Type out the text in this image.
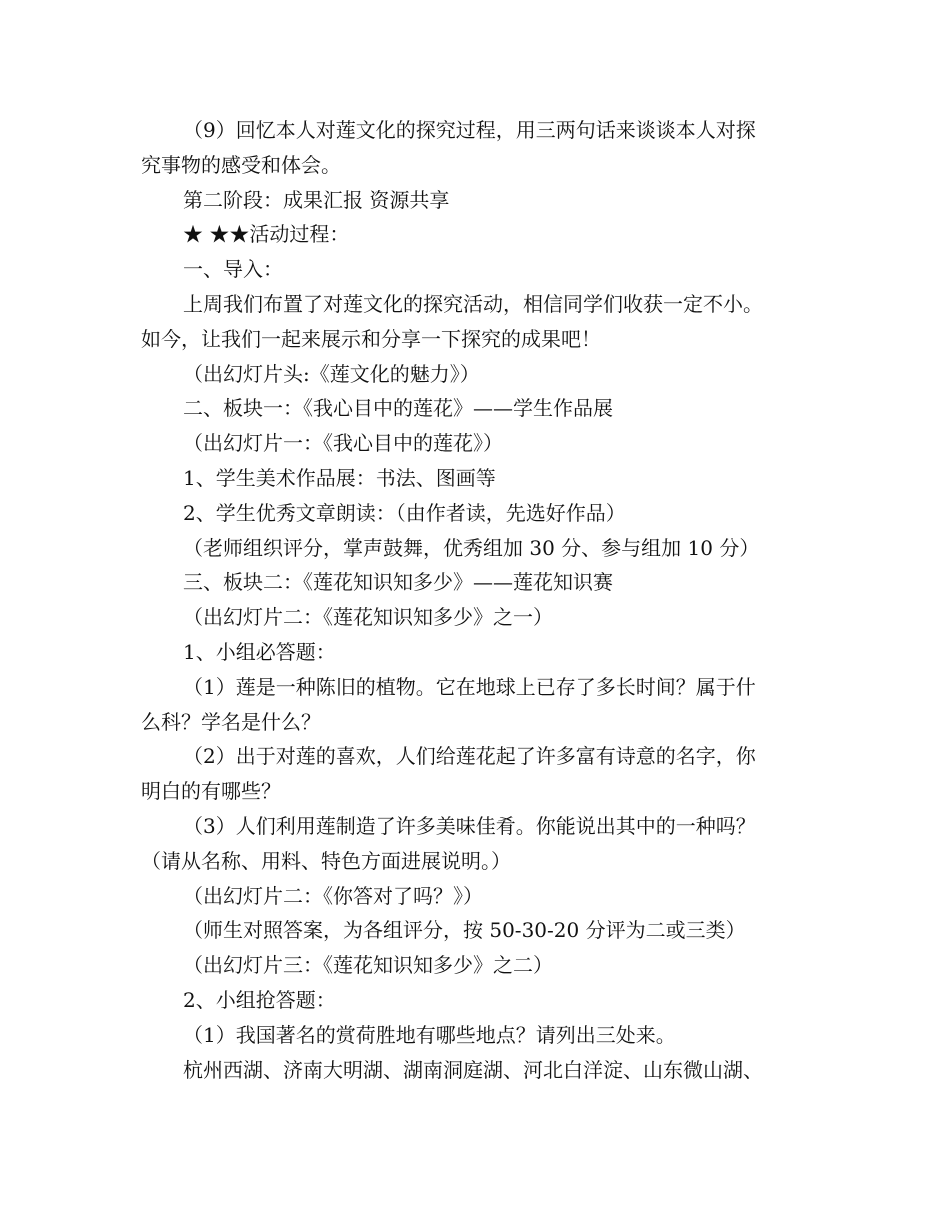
（9）回忆本人对莲文化的探究过程，用三两句话来谈谈本人对探
究事物的感受和体会。
第二阶段：成果汇报 资源共享
★ ★★活动过程：
一、导入：
上周我们布置了对莲文化的探究活动，相信同学们收获一定不小。
如今，让我们一起来展示和分享一下探究的成果吧！
（出幻灯片头:《莲文化的魅力》）
二、板块一：《我心目中的莲花》——学生作品展
（出幻灯片一：《我心目中的莲花》）
1、学生美术作品展：书法、图画等
2、学生优秀文章朗读：（由作者读，先选好作品）
（老师组织评分，掌声鼓舞，优秀组加 30 分、参与组加 10 分）
三、板块二：《莲花知识知多少》——莲花知识赛
（出幻灯片二：《莲花知识知多少》之一）
1、小组必答题：
（1）莲是一种陈旧的植物。它在地球上已存了多长时间？属于什
么科？学名是什么？
（2）出于对莲的喜欢，人们给莲花起了许多富有诗意的名字，你
明白的有哪些？
（3）人们利用莲制造了许多美味佳肴。你能说出其中的一种吗？
（请从名称、用料、特色方面进展说明。）
（出幻灯片二：《你答对了吗？》）
（师生对照答案，为各组评分，按 50-30-20 分评为二或三类）
（出幻灯片三：《莲花知识知多少》之二）
2、小组抢答题：
（1）我国著名的赏荷胜地有哪些地点？请列出三处来。
杭州西湖、济南大明湖、湖南洞庭湖、河北白洋淀、山东微山湖、
